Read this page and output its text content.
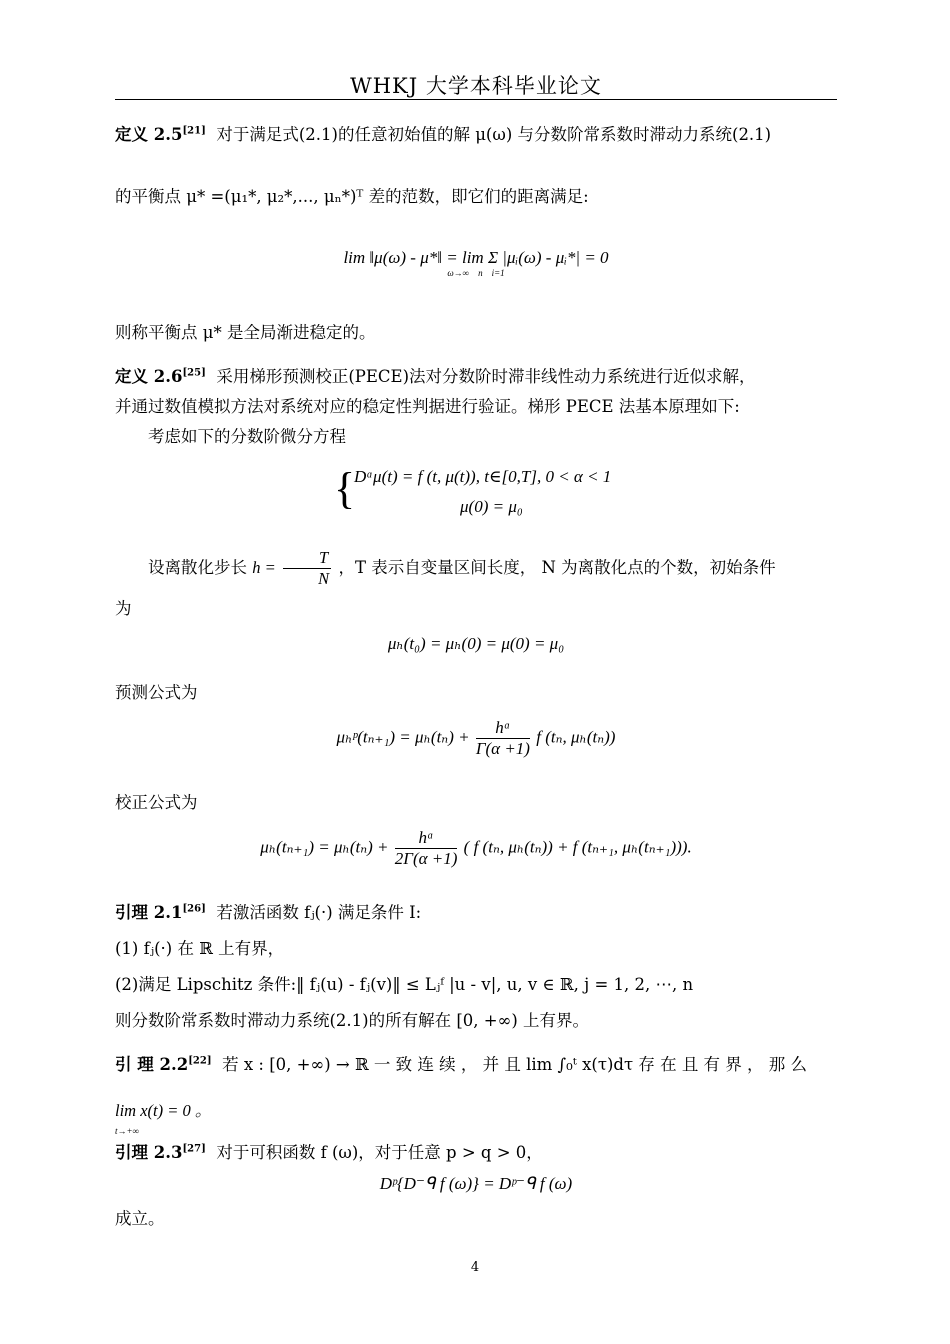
WHKJ 大学本科毕业论文
定义 2.5[21] 对于满足式(2.1)的任意初始值的解 μ(ω) 与分数阶常系数时滞动力系统(2.1)
的平衡点 μ* =(μ₁*, μ₂*,..., μₙ*)ᵀ 差的范数，即它们的距离满足:
lim ‖μ(ω) - μ*‖ = lim Σ |μᵢ(ω) - μᵢ*| = 0
ω→∞ n i=1
则称平衡点 μ* 是全局渐进稳定的。
定义 2.6[25] 采用梯形预测校正(PECE)法对分数阶时滞非线性动力系统进行近似求解，
并通过数值模拟方法对系统对应的稳定性判据进行验证。梯形 PECE 法基本原理如下:
考虑如下的分数阶微分方程
{
Dᵅμ(t) = f (t, μ(t)), t∈[0,T], 0 < α < 1
μ(0) = μ₀
设离散化步长 $h = \frac{T}{N}$ ，T 表示自变量区间长度， N 为离散化点的个数，初始条件
为
μₕ(t₀) = μₕ(0) = μ(0) = μ₀
预测公式为
μₕᵖ(tₙ₊₁) = $\mu_h(t_n) + \frac{\text{hᵅ}}{\Gamma(\alpha +1)}$ f (tₙ, μₕ(tₙ))
校正公式为
$\mu_h(t_{n+1}) = \mu_h(t_n) + \frac{\text{hᵅ}}{2\Gamma(\alpha +1)}$ ( f (tₙ, μₕ(tₙ)) + f (tₙ₊₁, μₕ(tₙ₊₁))).
引理 2.1[26] 若激活函数 fⱼ(·) 满足条件 I:
(1) fⱼ(·) 在 ℝ 上有界，
(2)满足 Lipschitz 条件:‖ fⱼ(u) - fⱼ(v)‖ ≤ Lⱼᶠ |u - v|, u, v ∈ ℝ, j = 1, 2, ⋯, n
则分数阶常系数时滞动力系统(2.1)的所有解在 [0, +∞) 上有界。
引 理 2.2[22] 若 x : [0, +∞) → ℝ 一 致 连 续 ， 并 且 lim ∫₀ᵗ x(τ)dτ 存 在 且 有 界 ， 那 么
lim x(t) = 0 。
t→+∞
引理 2.3[27] 对于可积函数 f (ω)，对于任意 p > q > 0，
Dᵖ{D⁻ᑫ f (ω)} = Dᵖ⁻ᑫ f (ω)
成立。
4
